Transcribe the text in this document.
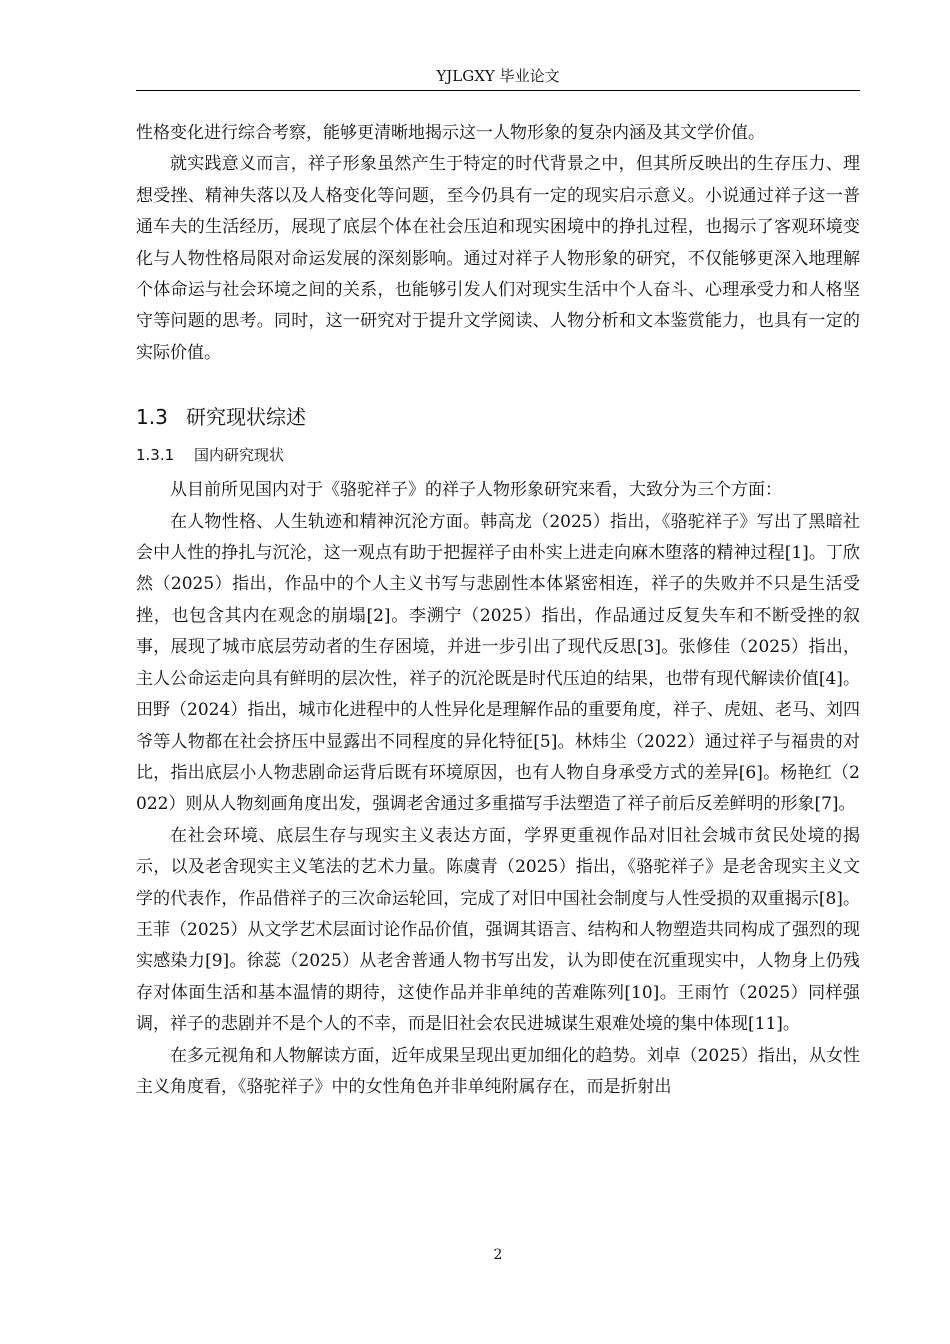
YJLGXY 毕业论文

性格变化进行综合考察，能够更清晰地揭示这一人物形象的复杂内涵及其文学价值。

就实践意义而言，祥子形象虽然产生于特定的时代背景之中，但其所反映出的生存压力、理想受挫、精神失落以及人格变化等问题，至今仍具有一定的现实启示意义。小说通过祥子这一普通车夫的生活经历，展现了底层个体在社会压迫和现实困境中的挣扎过程，也揭示了客观环境变化与人物性格局限对命运发展的深刻影响。通过对祥子人物形象的研究，不仅能够更深入地理解个体命运与社会环境之间的关系，也能够引发人们对现实生活中个人奋斗、心理承受力和人格坚守等问题的思考。同时，这一研究对于提升文学阅读、人物分析和文本鉴赏能力，也具有一定的实际价值。

1.3 研究现状综述
1.3.1 国内研究现状

从目前所见国内对于《骆驼祥子》的祥子人物形象研究来看，大致分为三个方面：

在人物性格、人生轨迹和精神沉沦方面。韩高龙（2025）指出，《骆驼祥子》写出了黑暗社会中人性的挣扎与沉沦，这一观点有助于把握祥子由朴实上进走向麻木堕落的精神过程[1]。丁欣然（2025）指出，作品中的个人主义书写与悲剧性本体紧密相连，祥子的失败并不只是生活受挫，也包含其内在观念的崩塌[2]。李溯宁（2025）指出，作品通过反复失车和不断受挫的叙事，展现了城市底层劳动者的生存困境，并进一步引出了现代反思[3]。张修佳（2025）指出，主人公命运走向具有鲜明的层次性，祥子的沉沦既是时代压迫的结果，也带有现代解读价值[4]。田野（2024）指出，城市化进程中的人性异化是理解作品的重要角度，祥子、虎妞、老马、刘四爷等人物都在社会挤压中显露出不同程度的异化特征[5]。林炜尘（2022）通过祥子与福贵的对比，指出底层小人物悲剧命运背后既有环境原因，也有人物自身承受方式的差异[6]。杨艳红（2022）则从人物刻画角度出发，强调老舍通过多重描写手法塑造了祥子前后反差鲜明的形象[7]。

在社会环境、底层生存与现实主义表达方面，学界更重视作品对旧社会城市贫民处境的揭示，以及老舍现实主义笔法的艺术力量。陈虞青（2025）指出，《骆驼祥子》是老舍现实主义文学的代表作，作品借祥子的三次命运轮回，完成了对旧中国社会制度与人性受损的双重揭示[8]。王菲（2025）从文学艺术层面讨论作品价值，强调其语言、结构和人物塑造共同构成了强烈的现实感染力[9]。徐蕊（2025）从老舍普通人物书写出发，认为即使在沉重现实中，人物身上仍残存对体面生活和基本温情的期待，这使作品并非单纯的苦难陈列[10]。王雨竹（2025）同样强调，祥子的悲剧并不是个人的不幸，而是旧社会农民进城谋生艰难处境的集中体现[11]。

在多元视角和人物解读方面，近年成果呈现出更加细化的趋势。刘卓（2025）指出，从女性主义角度看，《骆驼祥子》中的女性角色并非单纯附属存在，而是折射出

2
